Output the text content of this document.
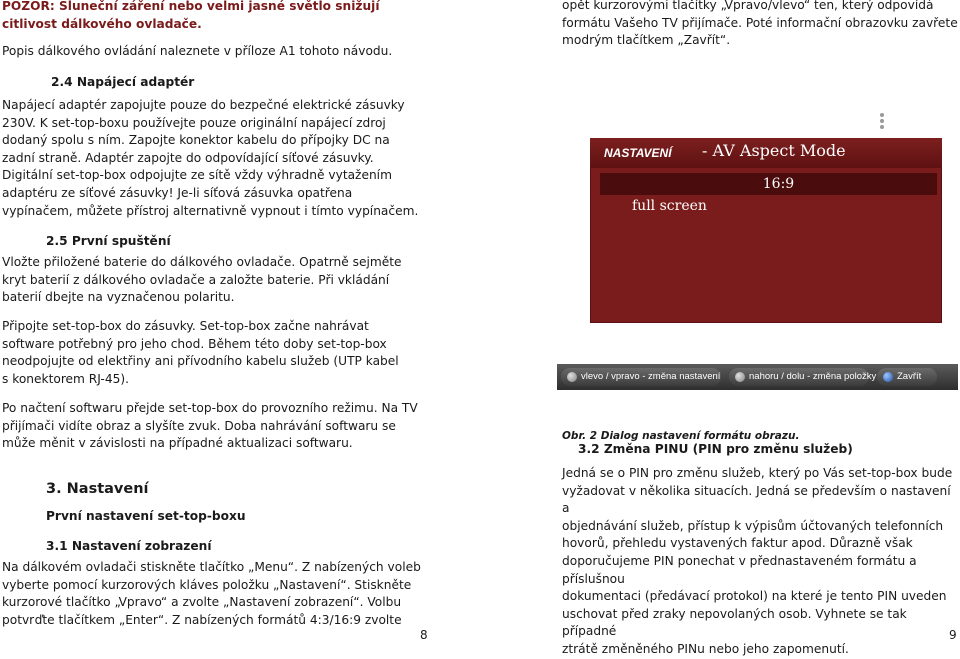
POZOR: Sluneční záření nebo velmi jasné světlo snižují

citlivost dálkového ovladače.

Popis dálkového ovládání naleznete v příloze A1 tohoto návodu.

2.4 Napájecí adaptér

Napájecí adaptér zapojujte pouze do bezpečné elektrické zásuvky

230V. K set-top-boxu používejte pouze originální napájecí zdroj

dodaný spolu s ním. Zapojte konektor kabelu do přípojky DC na

zadní straně. Adaptér zapojte do odpovídající síťové zásuvky.

Digitální set-top-box odpojujte ze sítě vždy výhradně vytažením

adaptéru ze síťové zásuvky! Je-li síťová zásuvka opatřena

vypínačem, můžete přístroj alternativně vypnout i tímto vypínačem.

2.5 První spuštění

Vložte přiložené baterie do dálkového ovladače. Opatrně sejměte

kryt baterií z dálkového ovladače a založte baterie. Při vkládání

baterií dbejte na vyznačenou polaritu.

Připojte set-top-box do zásuvky. Set-top-box začne nahrávat

software potřebný pro jeho chod. Během této doby set-top-box

neodpojujte od elektřiny ani přívodního kabelu služeb (UTP kabel

s konektorem RJ-45).

Po načtení softwaru přejde set-top-box do provozního režimu. Na TV

přijímači vidíte obraz a slyšíte zvuk. Doba nahrávání softwaru se

může měnit v závislosti na případné aktualizaci softwaru.

3. Nastavení

První nastavení set-top-boxu

3.1 Nastavení zobrazení

Na dálkovém ovladači stiskněte tlačítko „Menu“. Z nabízených voleb

vyberte pomocí kurzorových kláves položku „Nastavení“. Stiskněte

kurzorové tlačítko „Vpravo“ a zvolte „Nastavení zobrazení“. Volbu

potvrďte tlačítkem „Enter“. Z nabízených formátů 4:3/16:9 zvolte

8

opět kurzorovými tlačítky „Vpravo/vlevo“ ten, který odpovídá

formátu Vašeho TV přijímače. Poté informační obrazovku zavřete

modrým tlačítkem „Zavřít“.

NASTAVENÍ - AV Aspect Mode
16:9
full screen
vlevo / vpravo - změna nastavení	nahoru / dolu - změna položky	Zavřít

Obr. 2 Dialog nastavení formátu obrazu.

3.2 Změna PINU (PIN pro změnu služeb)

Jedná se o PIN pro změnu služeb, který po Vás set-top-box bude

vyžadovat v několika situacích. Jedná se především o nastavení a

objednávání služeb, přístup k výpisům účtovaných telefonních

hovorů, přehledu vystavených faktur apod. Důrazně však

doporučujeme PIN ponechat v přednastaveném formátu a příslušnou

dokumentaci (předávací protokol) na které je tento PIN uveden

uschovat před zraky nepovolaných osob. Vyhnete se tak případné

ztrátě změněného PINu nebo jeho zapomenutí.

9
